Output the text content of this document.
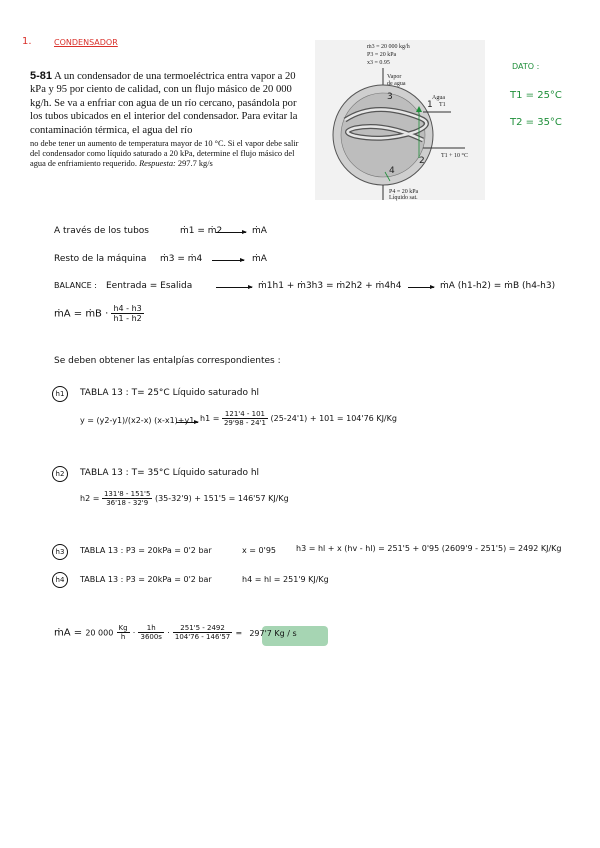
1.	CONDENSADOR
5-81 A un condensador de una termoeléctrica entra vapor a 20 kPa y 95 por ciento de calidad, con un flujo másico de 20 000 kg/h. Se va a enfriar con agua de un río cercano, pasándola por los tubos ubicados en el interior del condensador. Para evitar la contaminación térmica, el agua del río
no debe tener un aumento de temperatura mayor de 10 °C. Si el vapor debe salir del condensador como líquido saturado a 20 kPa, determine el flujo másico del agua de enfriamiento requerido. Respuesta: 297.7 kg/s
ṁ3 = 20 000 kg/h
P3 = 20 kPa
x3 = 0.95
Vapor
de agua
Agua
T1
T1 + 10 °C
P4 = 20 kPa
Líquido sat.
1
2
3
4
DATO :
T1 = 25°C
T2 = 35°C
A través de los tubos	ṁ1 = ṁ2	ṁA
Resto de la máquina ṁ3 = ṁ4	ṁA
BALANCE : Eentrada = Esalida	ṁ1h1 + ṁ3h3 = ṁ2h2 + ṁ4h4	ṁA (h1-h2) = ṁB (h4-h3)
ṁA = ṁB · $\frac{h4 - h3}{h1 - h2}$
Se deben obtener las entalpías correspondientes :
h1	TABLA 13 : T= 25°C Líquido saturado hl
y = (y2-y1)/(x2-x) (x-x1)+y1 $h1 = \frac{121'4 - 101}{29'98 - 24'1} (25-24'1) + 101 = 104'76$ KJ/Kg
h2	TABLA 13 : T= 35°C Líquido saturado hl
$h2 = \frac{131'8 - 151'5}{36'18 - 32'9} (35-32'9) + 151'5 = 146'57$ KJ/Kg
h3	TABLA 13 : P3 = 20kPa = 0'2 bar	x = 0'95	h3 = hl + x (hv - hl) = 251'5 + 0'95 (2609'9 - 251'5) = 2492 KJ/Kg
h4	TABLA 13 : P3 = 20kPa = 0'2 bar	h4 = hl = 251'9 KJ/Kg
ṁA = 20 $000 \frac{Kg}{h} \cdot \frac{1h}{3600s} \cdot \frac{251'5 - 2492}{104'76 - 146'57} = 297'7$ Kg / s
